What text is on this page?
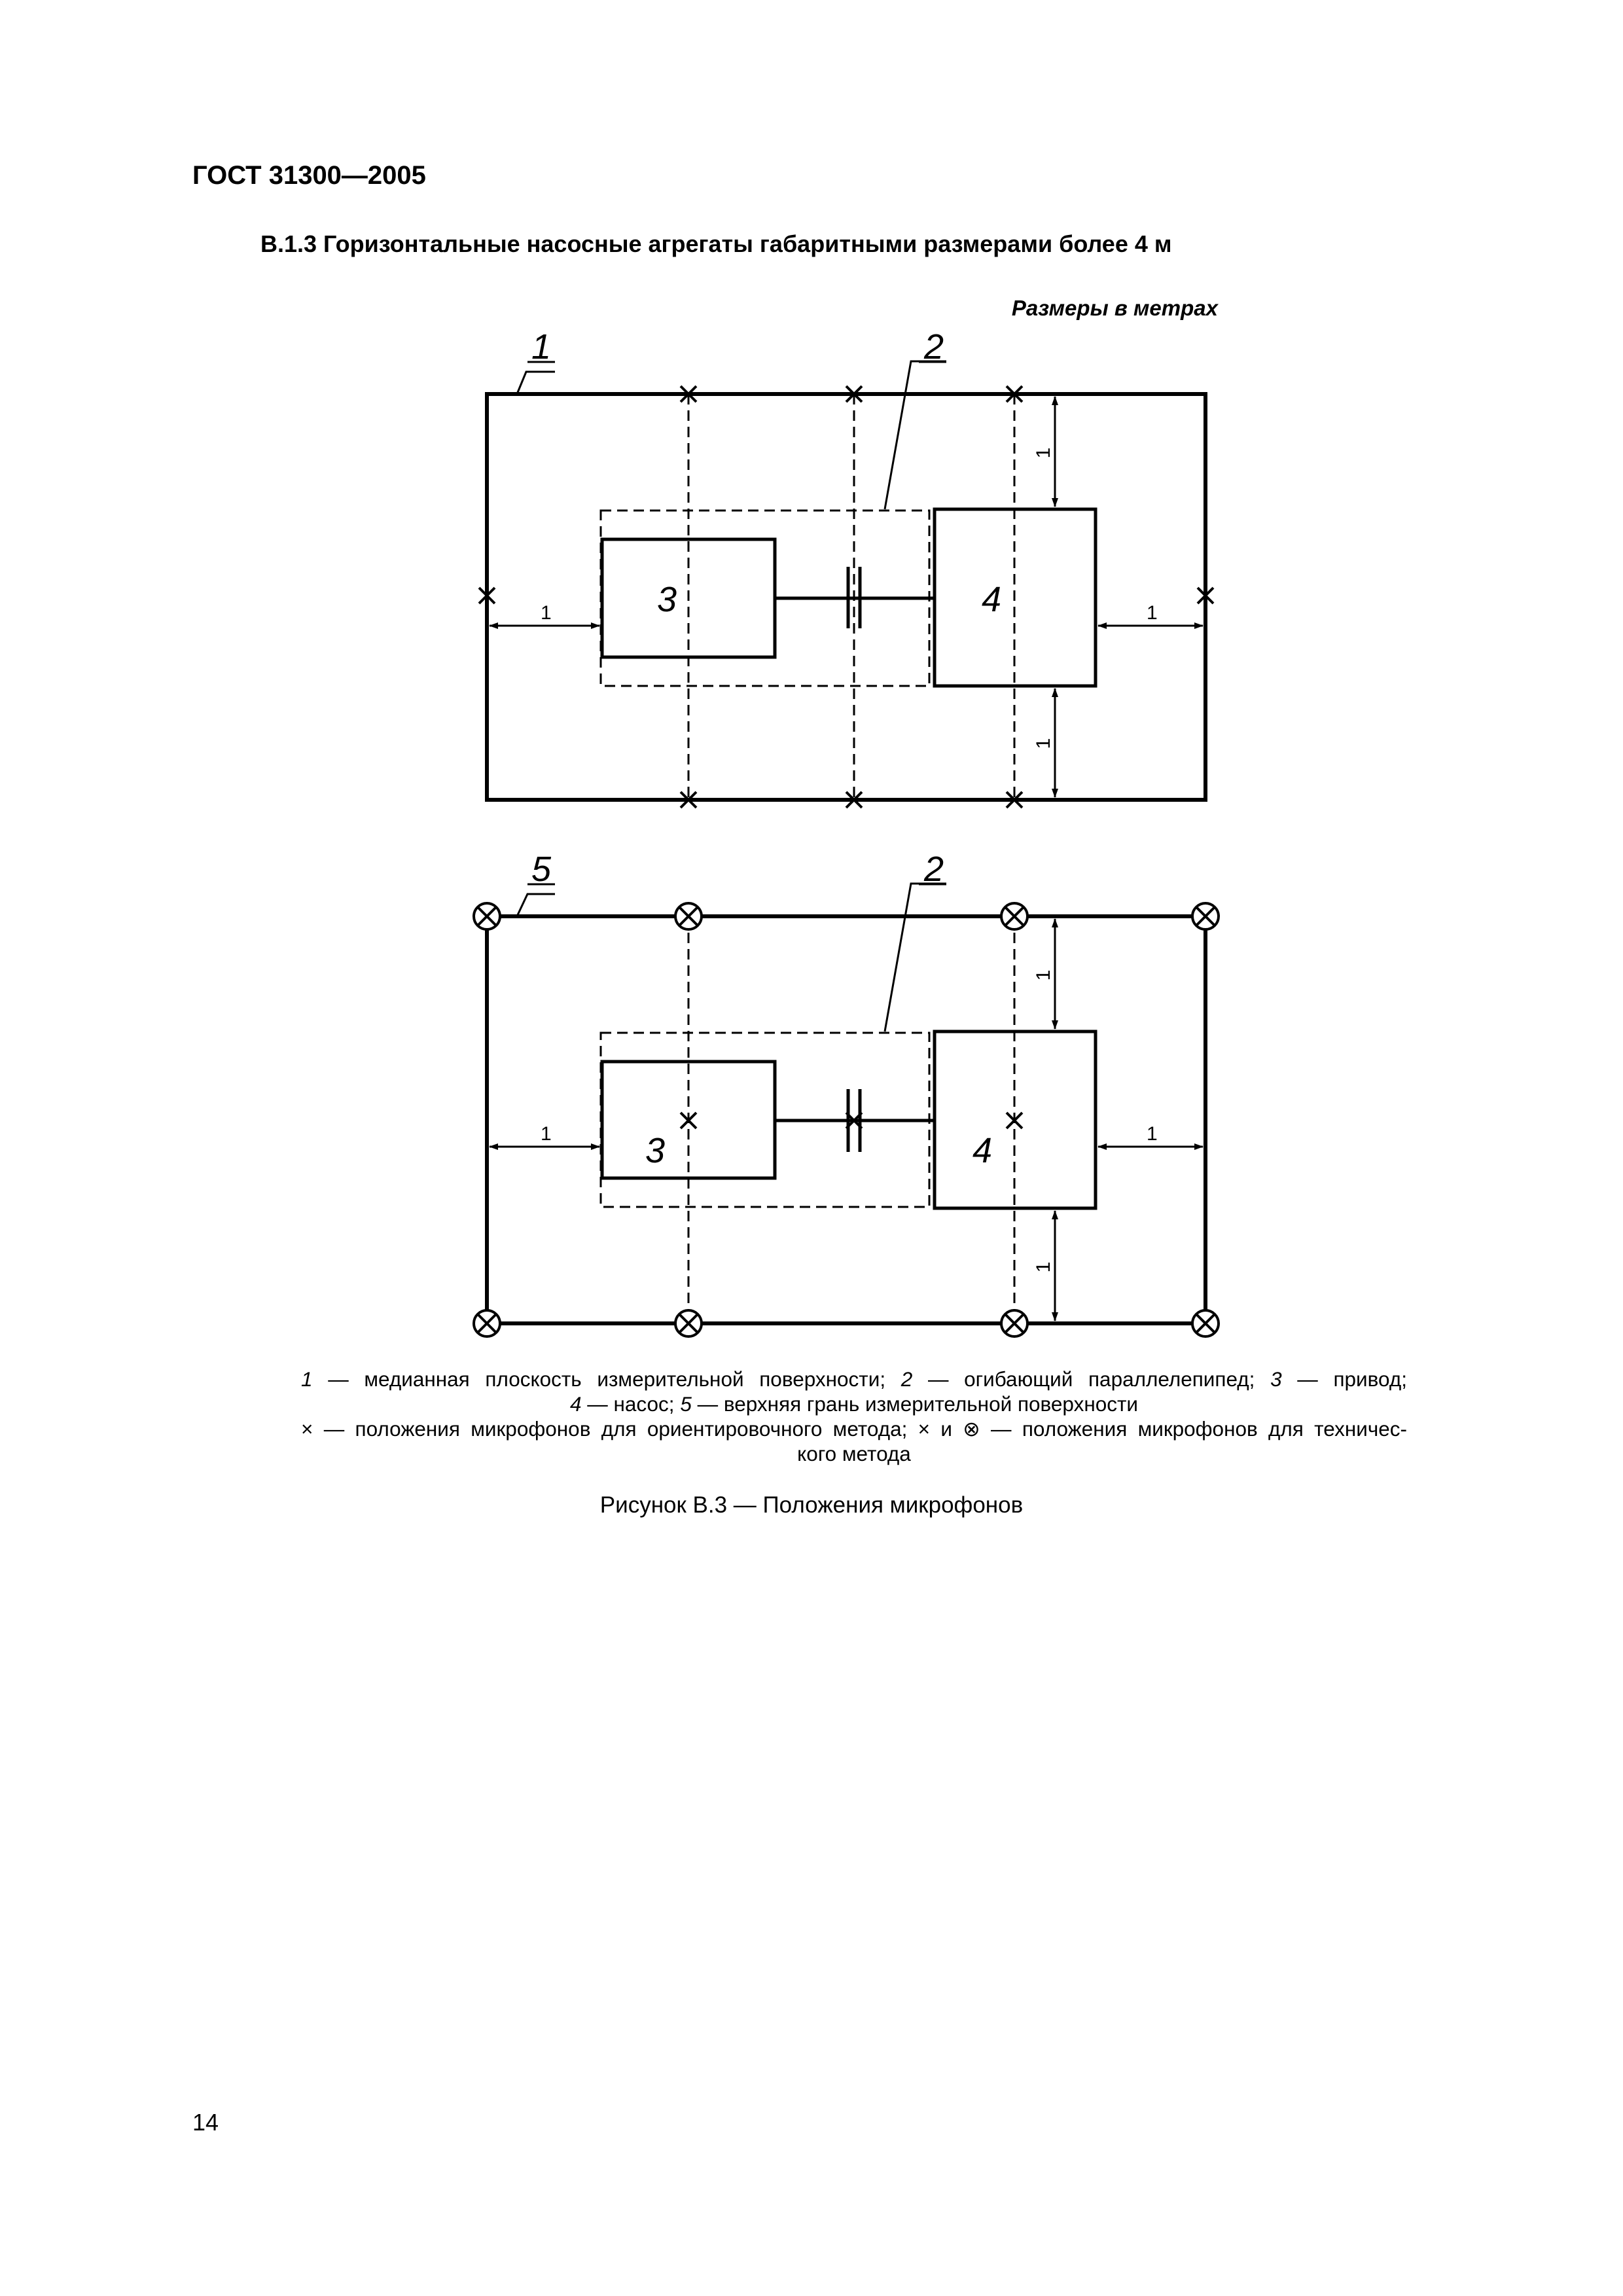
ГОСТ 31300—2005
В.1.3 Горизонтальные насосные агрегаты габаритными размерами более 4 м
Размеры в метрах
1	2
3	4
1	1
1
1
5	2
3	4
1	1
1
1
1 — медианная плоскость измерительной поверхности; 2 — огибающий параллелепипед; 3 — привод;
4 — насос; 5 — верхняя грань измерительной поверхности
× — положения микрофонов для ориентировочного метода; × и ⊗ — положения микрофонов для техничес-
кого метода
Рисунок В.3 — Положения микрофонов
14
